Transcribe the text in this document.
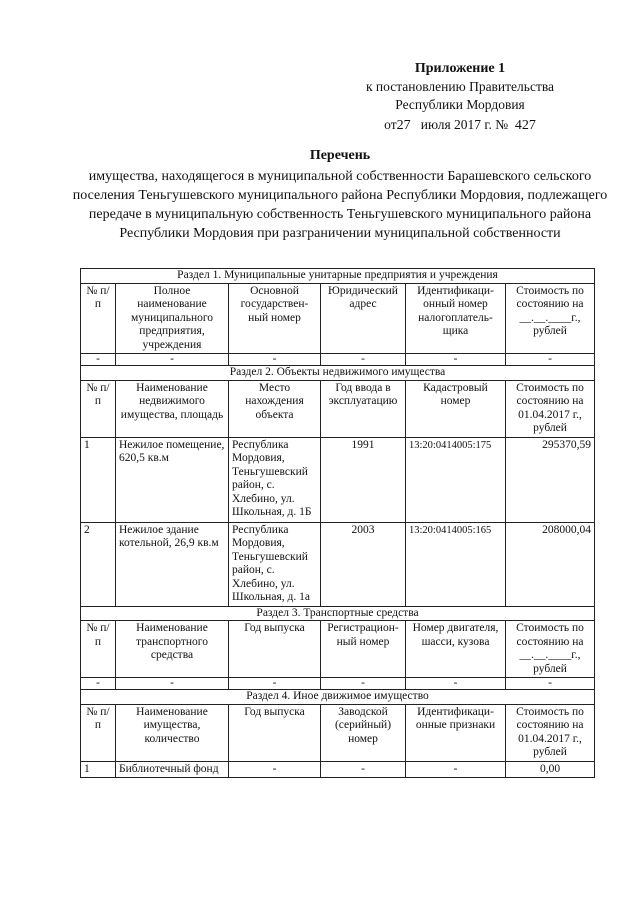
Приложение 1
к постановлению Правительства
Республики Мордовия
от27 июля 2017 г. № 427
Перечень
имущества, находящегося в муниципальной собственности Барашевского сельского поселения Теньгушевского муниципального района Республики Мордовия, подлежащего передаче в муниципальную собственность Теньгушевского муниципального района Республики Мордовия при разграничении муниципальной собственности
Раздел 1. Муниципальные унитарные предприятия и учреждения					
№ п/п	Полное наименование муниципального предприятия, учреждения	Основной государствен-ный номер	Юридический адрес	Идентификаци-онный номер налогоплатель-щика	Стоимость по состоянию на __.__.____г., рублей
-	-	-	-	-	-
Раздел 2. Объекты недвижимого имущества					
№ п/п	Наименование недвижимого имущества, площадь	Место нахождения объекта	Год ввода в эксплуатацию	Кадастровый номер	Стоимость по состоянию на 01.04.2017 г., рублей
1	Нежилое помещение, 620,5 кв.м	Республика Мордовия, Теньгушевский район, с. Хлебино, ул. Школьная, д. 1Б	1991	13:20:0414005:175	295370,59
2	Нежилое здание котельной, 26,9 кв.м	Республика Мордовия, Теньгушевский район, с. Хлебино, ул. Школьная, д. 1а	2003	13:20:0414005:165	208000,04
Раздел 3. Транспортные средства					
№ п/п	Наименование транспортного средства	Год выпуска	Регистрацион-ный номер	Номер двигателя, шасси, кузова	Стоимость по состоянию на __.__.____г., рублей
-	-	-	-	-	-
Раздел 4. Иное движимое имущество					
№ п/п	Наименование имущества, количество	Год выпуска	Заводской (серийный) номер	Идентификаци-онные признаки	Стоимость по состоянию на 01.04.2017 г., рублей
1	Библиотечный фонд	-	-	-	0,00
